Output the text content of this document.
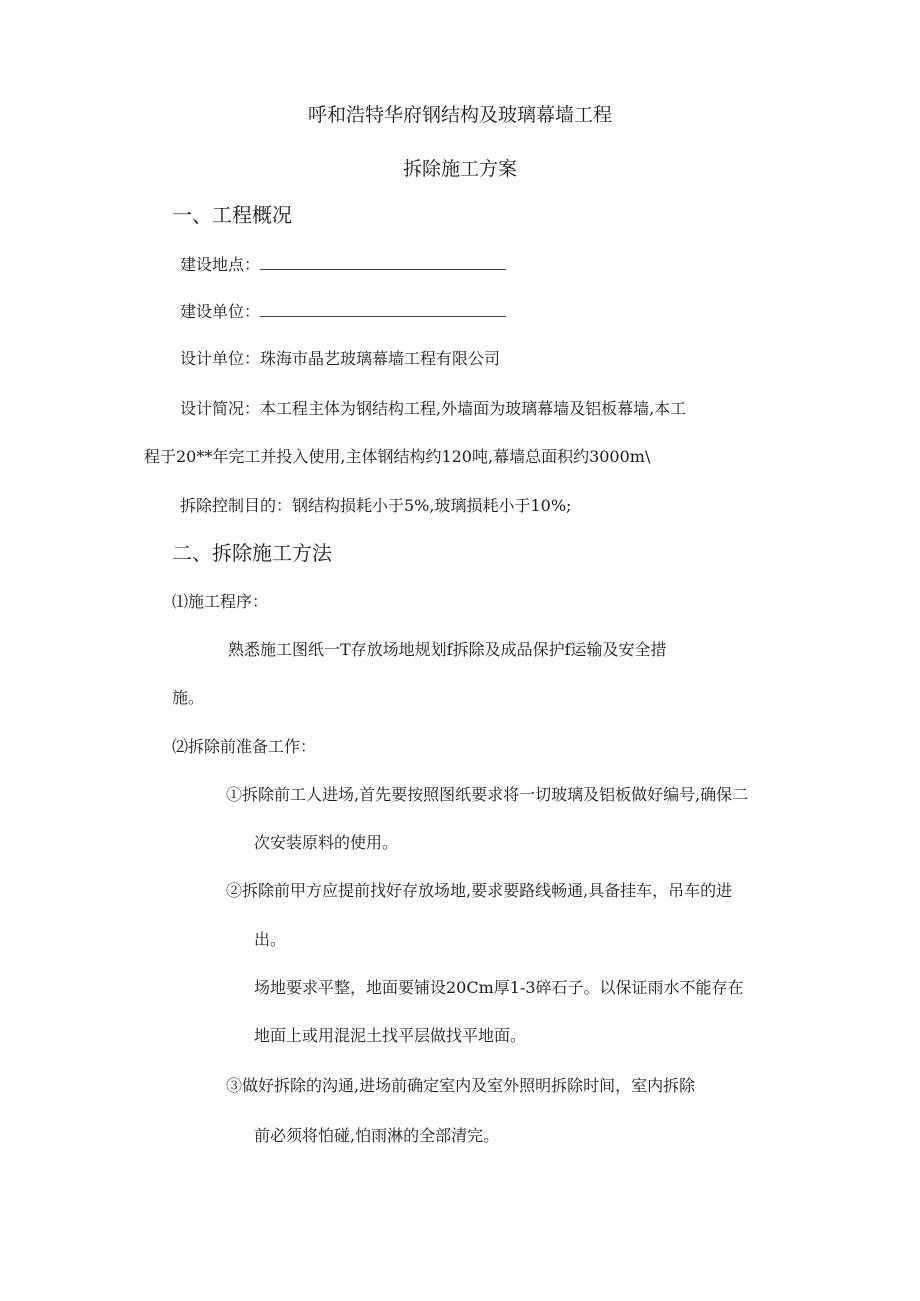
呼和浩特华府钢结构及玻璃幕墙工程
拆除施工方案
一、工程概况
建设地点：
建设单位：
设计单位：珠海市晶艺玻璃幕墙工程有限公司
设计简况：本工程主体为钢结构工程,外墙面为玻璃幕墙及铝板幕墙,本工
程于20**年完工并投入使用,主体钢结构约120吨,幕墙总面积约3000m\
拆除控制目的：钢结构损耗小于5%,玻璃损耗小于10%;
二、拆除施工方法
⑴施工程序：
熟悉施工图纸一T存放场地规划f拆除及成品保护f运输及安全措
施。
⑵拆除前准备工作：
①拆除前工人进场,首先要按照图纸要求将一切玻璃及铝板做好编号,确保二
次安装原料的使用。
②拆除前甲方应提前找好存放场地,要求要路线畅通,具备挂车，吊车的进
出。
场地要求平整，地面要铺设20Cm厚1-3碎石子。以保证雨水不能存在
地面上或用混泥土找平层做找平地面。
③做好拆除的沟通,进场前确定室内及室外照明拆除时间，室内拆除
前必须将怕碰,怕雨淋的全部清完。
